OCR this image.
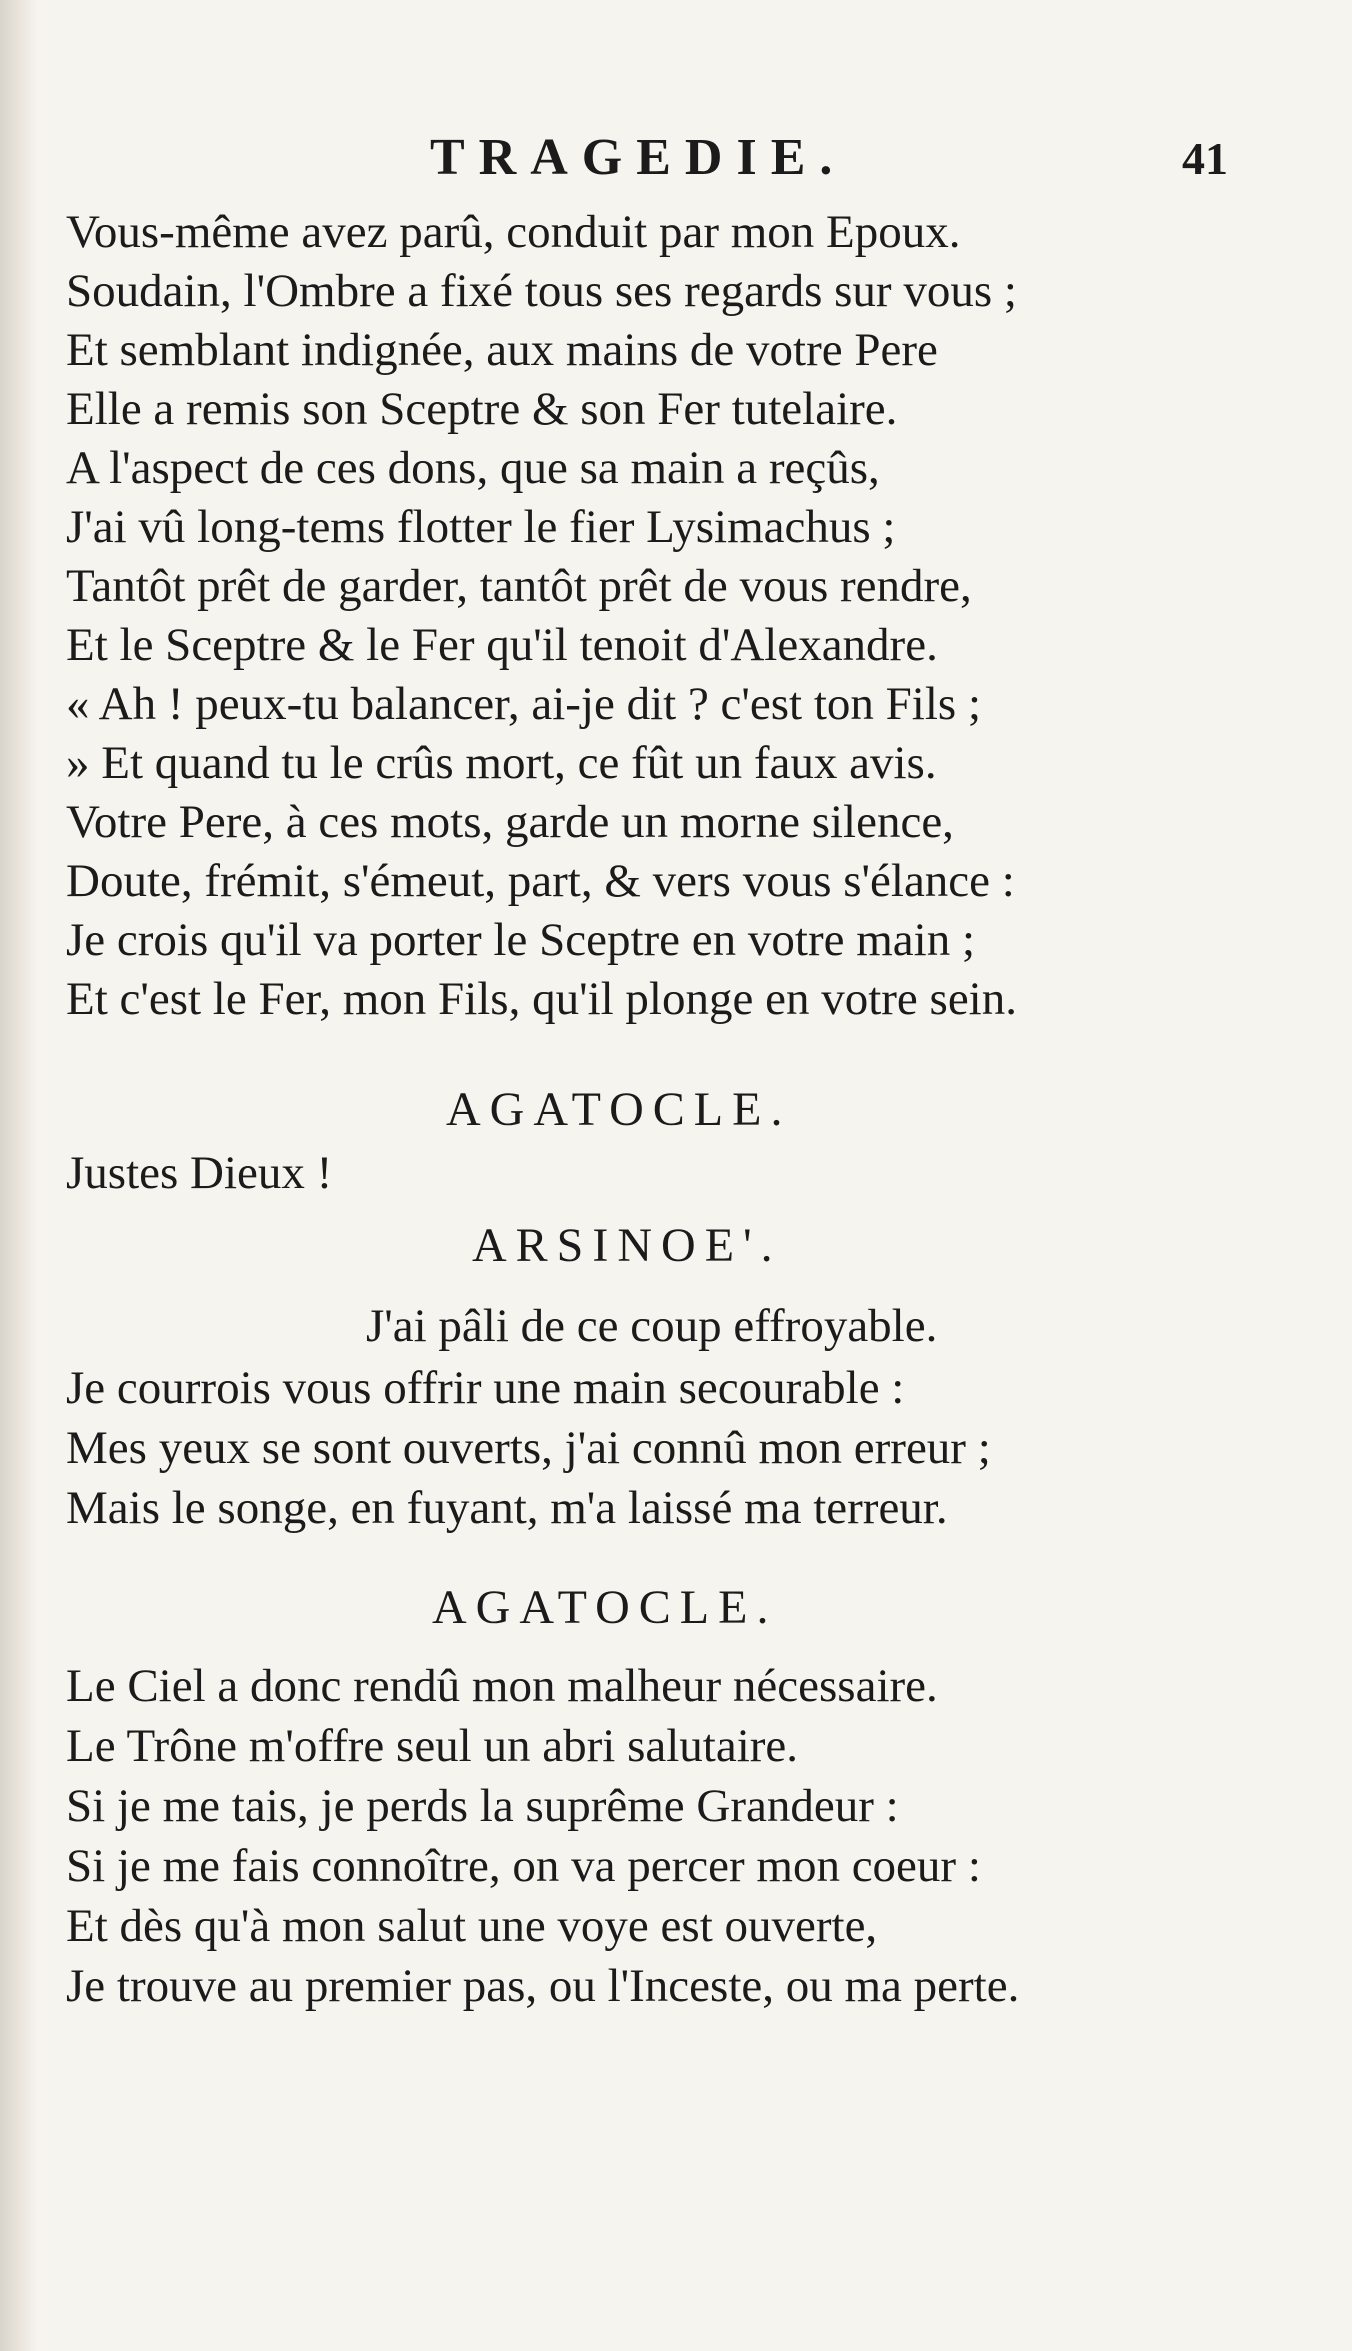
TRAGEDIE.	41
Vous-même avez parû, conduit par mon Epoux.
Soudain, l'Ombre a fixé tous ses regards sur vous ;
Et semblant indignée, aux mains de votre Pere
Elle a remis son Sceptre & son Fer tutelaire.
A l'aspect de ces dons, que sa main a reçûs,
J'ai vû long-tems flotter le fier Lysimachus ;
Tantôt prêt de garder, tantôt prêt de vous rendre,
Et le Sceptre & le Fer qu'il tenoit d'Alexandre.
« Ah ! peux-tu balancer, ai-je dit ? c'est ton Fils ;
» Et quand tu le crûs mort, ce fût un faux avis.
Votre Pere, à ces mots, garde un morne silence,
Doute, frémit, s'émeut, part, & vers vous s'élance :
Je crois qu'il va porter le Sceptre en votre main ;
Et c'est le Fer, mon Fils, qu'il plonge en votre sein.
AGATOCLE.
Justes Dieux !
ARSINOE'.
J'ai pâli de ce coup effroyable.
Je courrois vous offrir une main secourable :
Mes yeux se sont ouverts, j'ai connû mon erreur ;
Mais le songe, en fuyant, m'a laissé ma terreur.
AGATOCLE.
Le Ciel a donc rendû mon malheur nécessaire.
Le Trône m'offre seul un abri salutaire.
Si je me tais, je perds la suprême Grandeur :
Si je me fais connoître, on va percer mon coeur :
Et dès qu'à mon salut une voye est ouverte,
Je trouve au premier pas, ou l'Inceste, ou ma perte.
